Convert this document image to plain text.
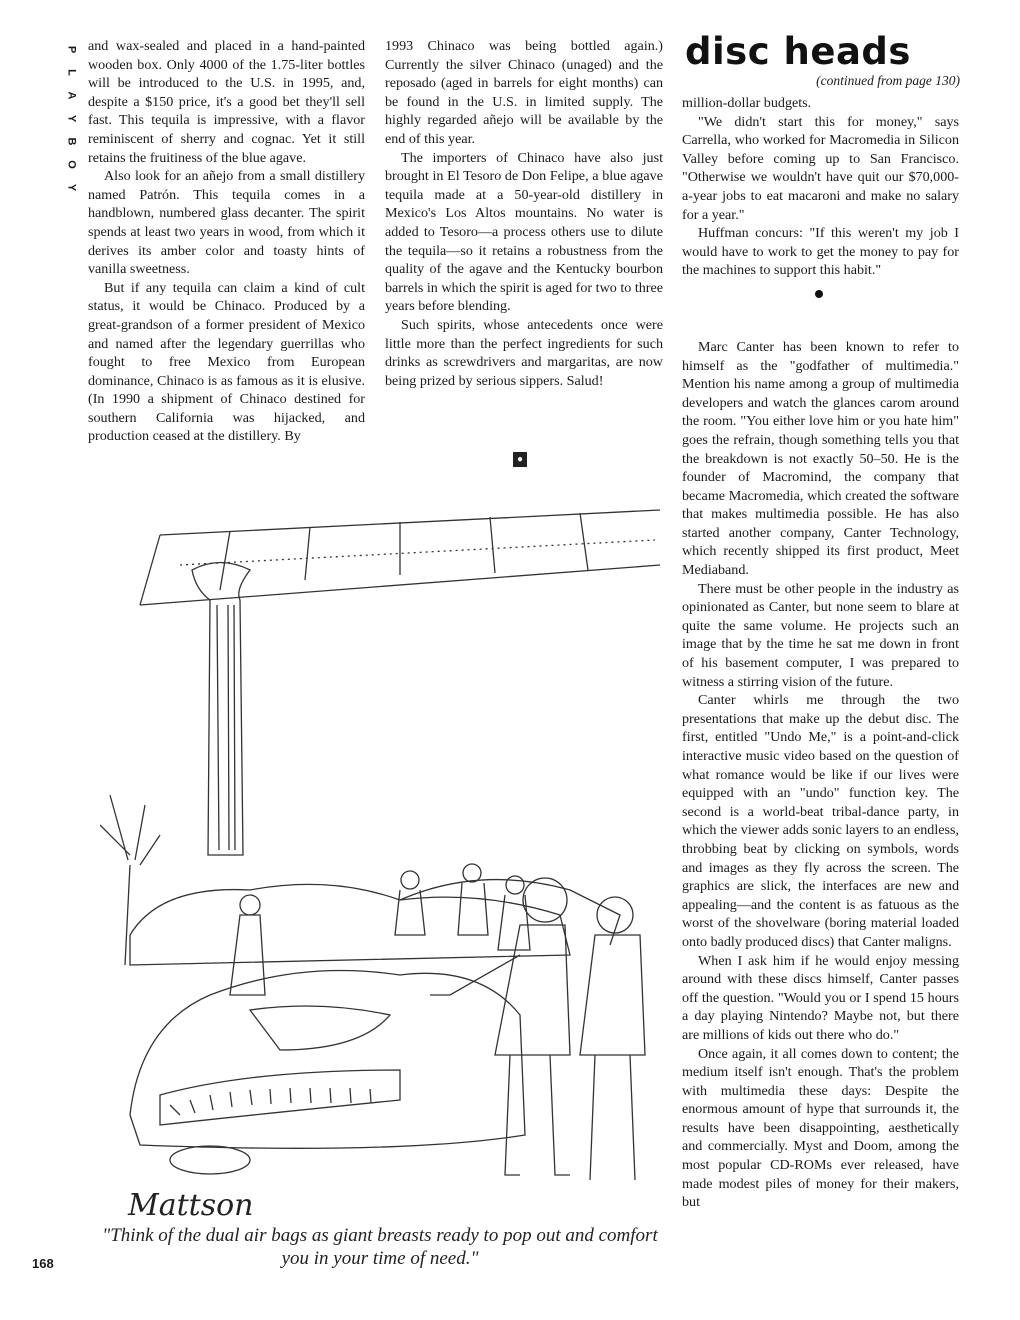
P
L
A
Y
B
O
Y

and wax-sealed and placed in a hand-painted wooden box. Only 4000 of the 1.75-liter bottles will be introduced to the U.S. in 1995, and, despite a $150 price, it's a good bet they'll sell fast. This tequila is impressive, with a flavor reminiscent of sherry and cognac. Yet it still retains the fruitiness of the blue agave.

Also look for an añejo from a small distillery named Patrón. This tequila comes in a handblown, numbered glass decanter. The spirit spends at least two years in wood, from which it derives its amber color and toasty hints of vanilla sweetness.

But if any tequila can claim a kind of cult status, it would be Chinaco. Produced by a great-grandson of a former president of Mexico and named after the legendary guerrillas who fought to free Mexico from European dominance, Chinaco is as famous as it is elusive. (In 1990 a shipment of Chinaco destined for southern California was hijacked, and production ceased at the distillery. By

1993 Chinaco was being bottled again.) Currently the silver Chinaco (unaged) and the reposado (aged in barrels for eight months) can be found in the U.S. in limited supply. The highly regarded añejo will be available by the end of this year.

The importers of Chinaco have also just brought in El Tesoro de Don Felipe, a blue agave tequila made at a 50-year-old distillery in Mexico's Los Altos mountains. No water is added to Tesoro—a process others use to dilute the tequila—so it retains a robustness from the quality of the agave and the Kentucky bourbon barrels in which the spirit is aged for two to three years before blending.

Such spirits, whose antecedents once were little more than the perfect ingredients for such drinks as screwdrivers and margaritas, are now being prized by serious sippers. Salud!

●
disc heads
(continued from page 130)

million-dollar budgets.

"We didn't start this for money," says Carrella, who worked for Macromedia in Silicon Valley before coming up to San Francisco. "Otherwise we wouldn't have quit our $70,000-a-year jobs to eat macaroni and make no salary for a year."

Huffman concurs: "If this weren't my job I would have to work to get the money to pay for the machines to support this habit."

Marc Canter has been known to refer to himself as the "godfather of multimedia." Mention his name among a group of multimedia developers and watch the glances carom around the room. "You either love him or you hate him" goes the refrain, though something tells you that the breakdown is not exactly 50–50. He is the founder of Macromind, the company that became Macromedia, which created the software that makes multimedia possible. He has also started another company, Canter Technology, which recently shipped its first product, Meet Mediaband.

There must be other people in the industry as opinionated as Canter, but none seem to blare at quite the same volume. He projects such an image that by the time he sat me down in front of his basement computer, I was prepared to witness a stirring vision of the future.

Canter whirls me through the two presentations that make up the debut disc. The first, entitled "Undo Me," is a point-and-click interactive music video based on the question of what romance would be like if our lives were equipped with an "undo" function key. The second is a world-beat tribal-dance party, in which the viewer adds sonic layers to an endless, throbbing beat by clicking on symbols, words and images as they fly across the screen. The graphics are slick, the interfaces are new and appealing—and the content is as fatuous as the worst of the shovelware (boring material loaded onto badly produced discs) that Canter maligns.

When I ask him if he would enjoy messing around with these discs himself, Canter passes off the question. "Would you or I spend 15 hours a day playing Nintendo? Maybe not, but there are millions of kids out there who do."

Once again, it all comes down to content; the medium itself isn't enough. That's the problem with multimedia these days: Despite the enormous amount of hype that surrounds it, the results have been disappointing, aesthetically and commercially. Myst and Doom, among the most popular CD-ROMs ever released, have made modest piles of money for their makers, but

Mattson
"Think of the dual air bags as giant breasts ready to pop out and comfort you in your time of need."
168
